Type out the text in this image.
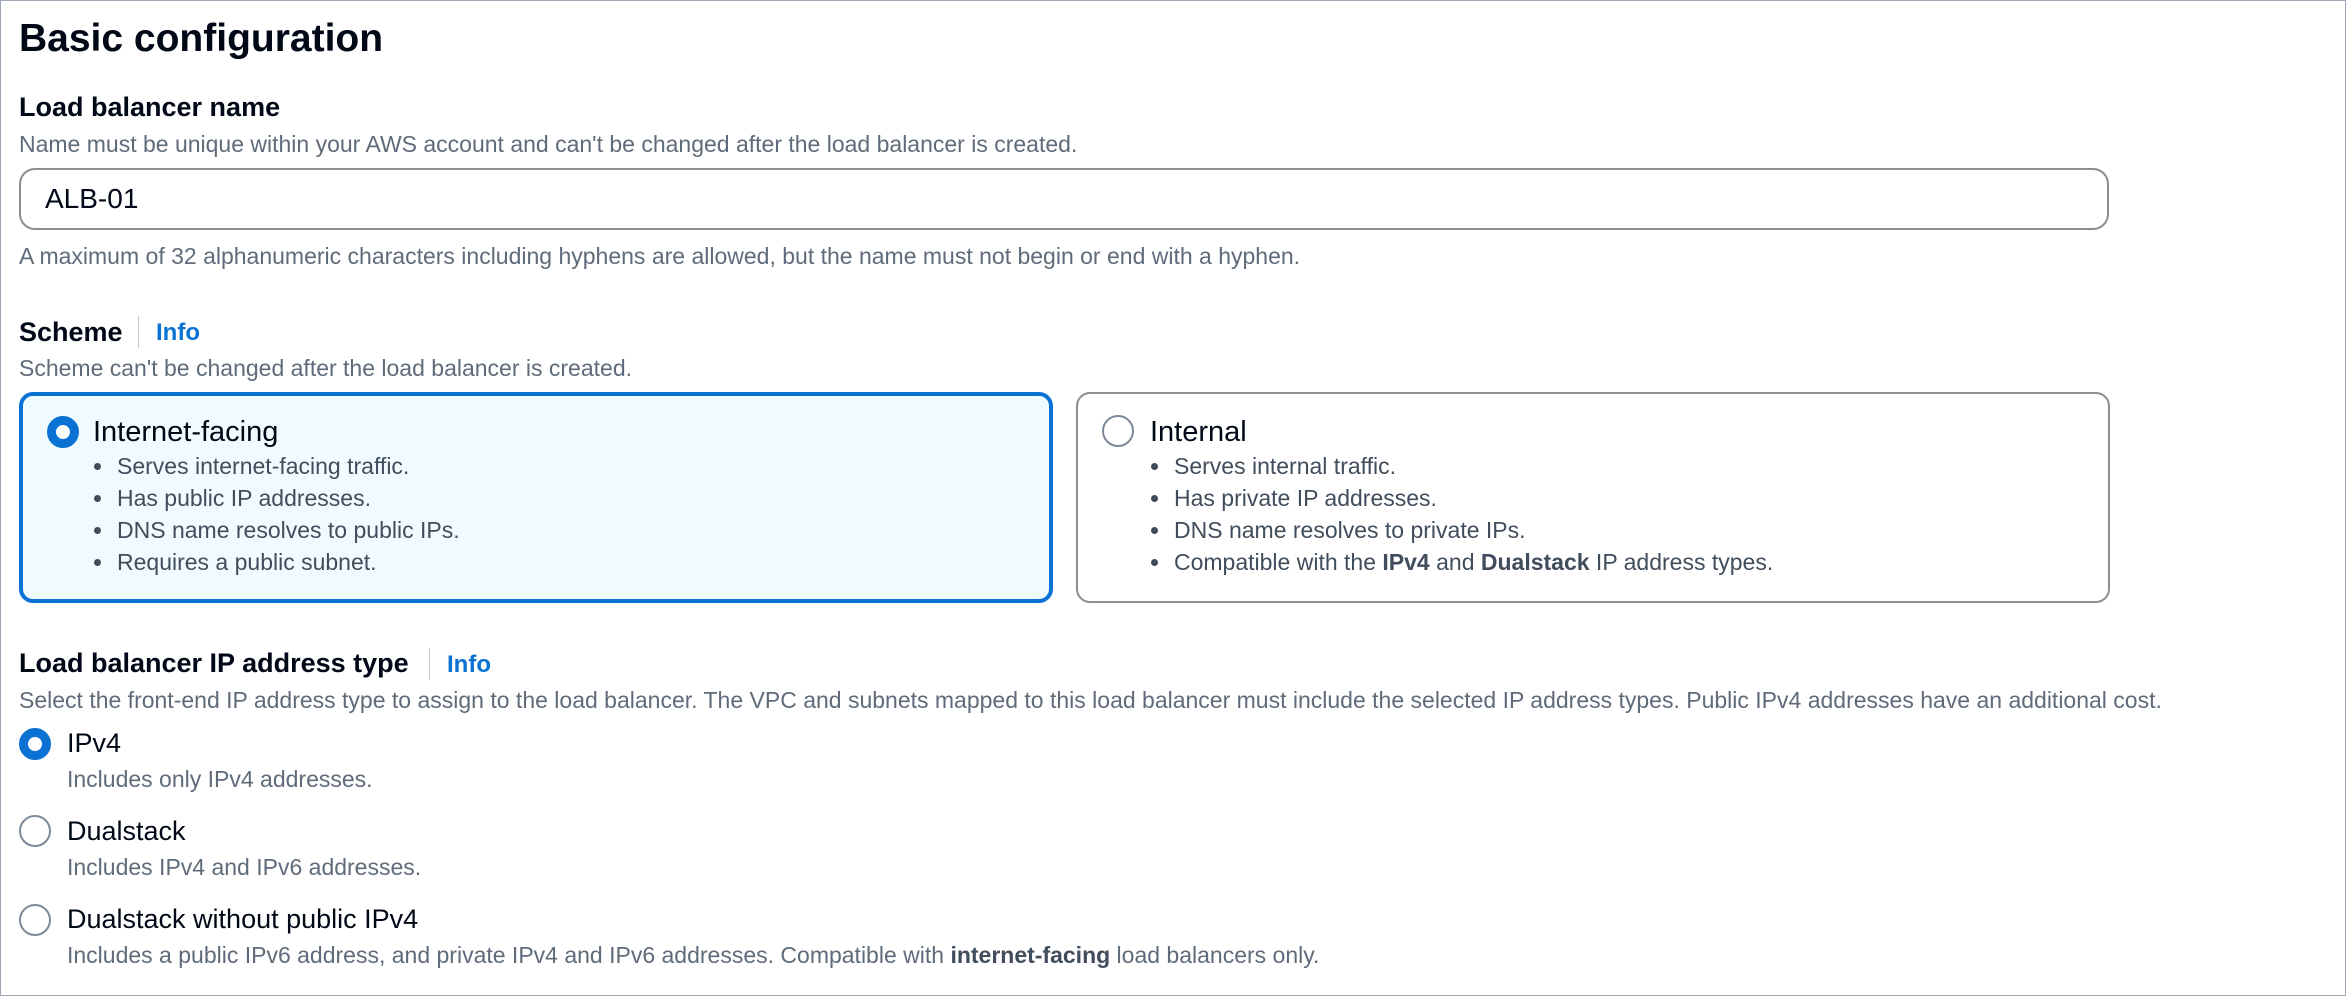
Basic configuration
Load balancer name
Name must be unique within your AWS account and can't be changed after the load balancer is created.
ALB-01
A maximum of 32 alphanumeric characters including hyphens are allowed, but the name must not begin or end with a hyphen.
Scheme Info
Scheme can't be changed after the load balancer is created.
Internet-facing
Serves internet-facing traffic.
Has public IP addresses.
DNS name resolves to public IPs.
Requires a public subnet.
Internal
Serves internal traffic.
Has private IP addresses.
DNS name resolves to private IPs.
Compatible with the IPv4 and Dualstack IP address types.
Load balancer IP address type Info
Select the front-end IP address type to assign to the load balancer. The VPC and subnets mapped to this load balancer must include the selected IP address types. Public IPv4 addresses have an additional cost.
IPv4
Includes only IPv4 addresses.
Dualstack
Includes IPv4 and IPv6 addresses.
Dualstack without public IPv4
Includes a public IPv6 address, and private IPv4 and IPv6 addresses. Compatible with internet-facing load balancers only.
